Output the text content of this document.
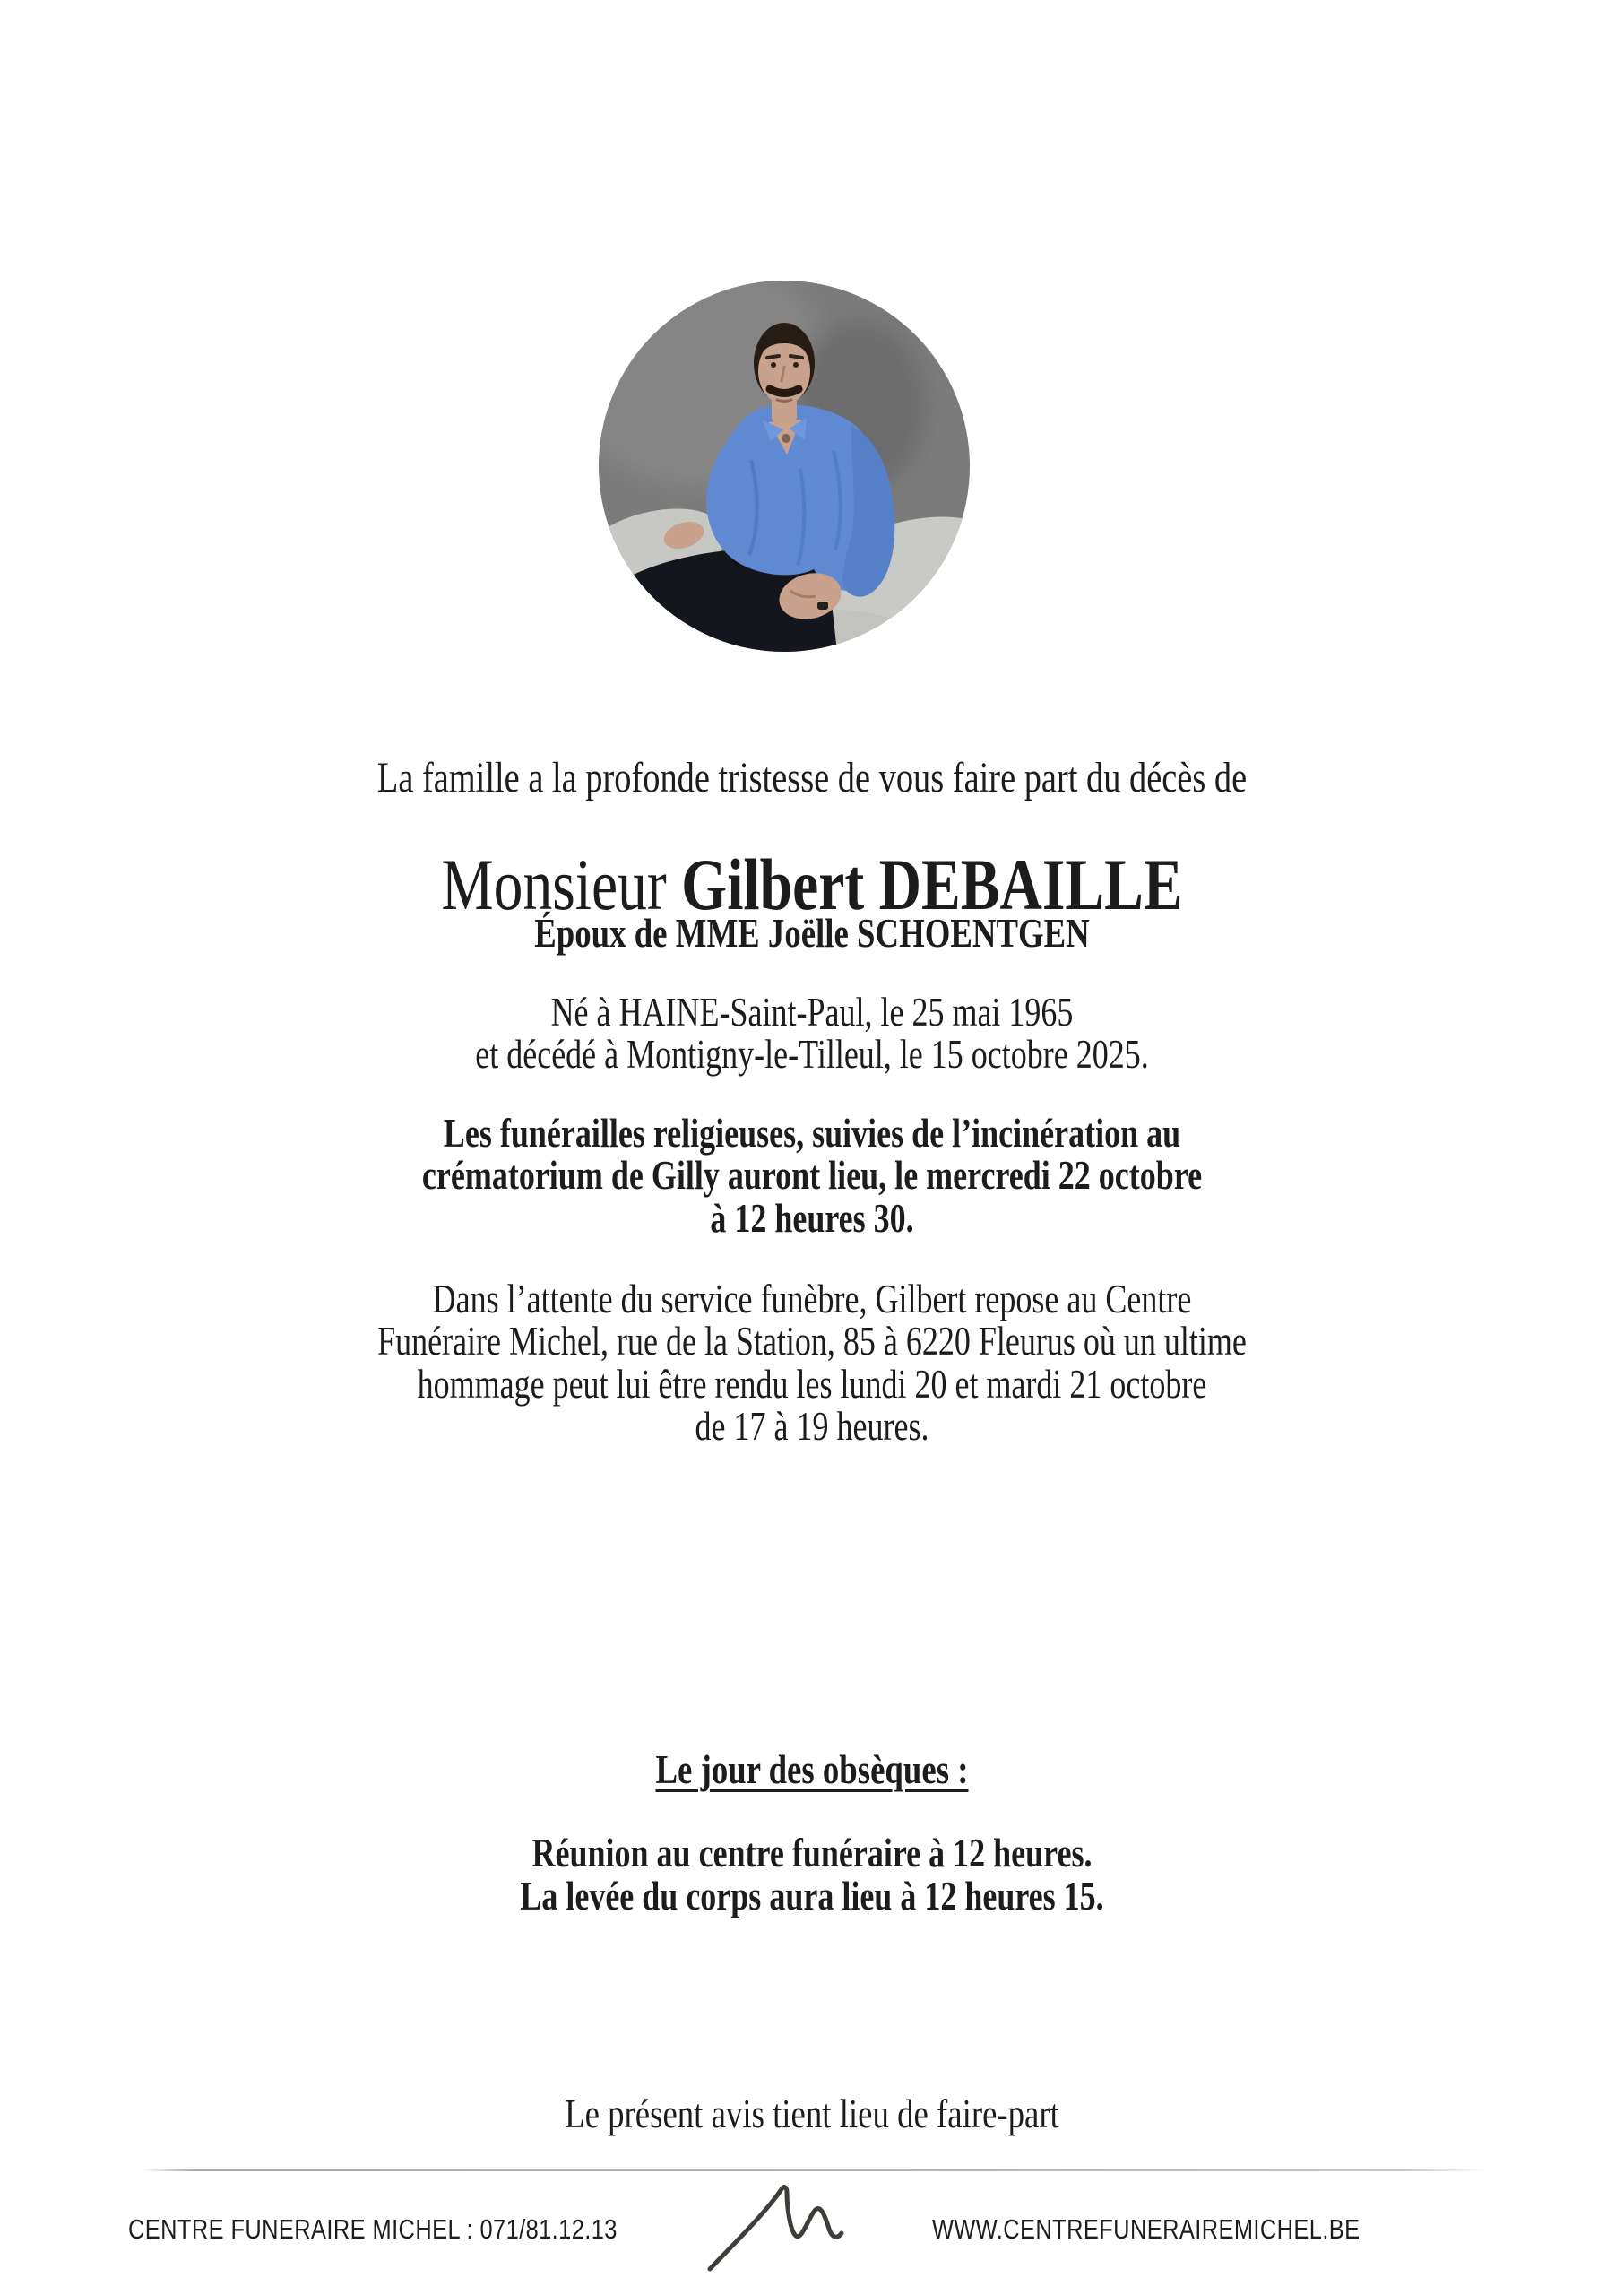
La famille a la profonde tristesse de vous faire part du décès de

Monsieur Gilbert DEBAILLE

Époux de MME Joëlle SCHOENTGEN

Né à HAINE-Saint-Paul, le 25 mai 1965
et décédé à Montigny-le-Tilleul, le 15 octobre 2025.

Les funérailles religieuses, suivies de l’incinération au
crématorium de Gilly auront lieu, le mercredi 22 octobre
à 12 heures 30.

Dans l’attente du service funèbre, Gilbert repose au Centre
Funéraire Michel, rue de la Station, 85 à 6220 Fleurus où un ultime
hommage peut lui être rendu les lundi 20 et mardi 21 octobre
de 17 à 19 heures.

Le jour des obsèques :

Réunion au centre funéraire à 12 heures.
La levée du corps aura lieu à 12 heures 15.

Le présent avis tient lieu de faire-part

CENTRE FUNERAIRE MICHEL : 071/81.12.13	WWW.CENTREFUNERAIREMICHEL.BE
